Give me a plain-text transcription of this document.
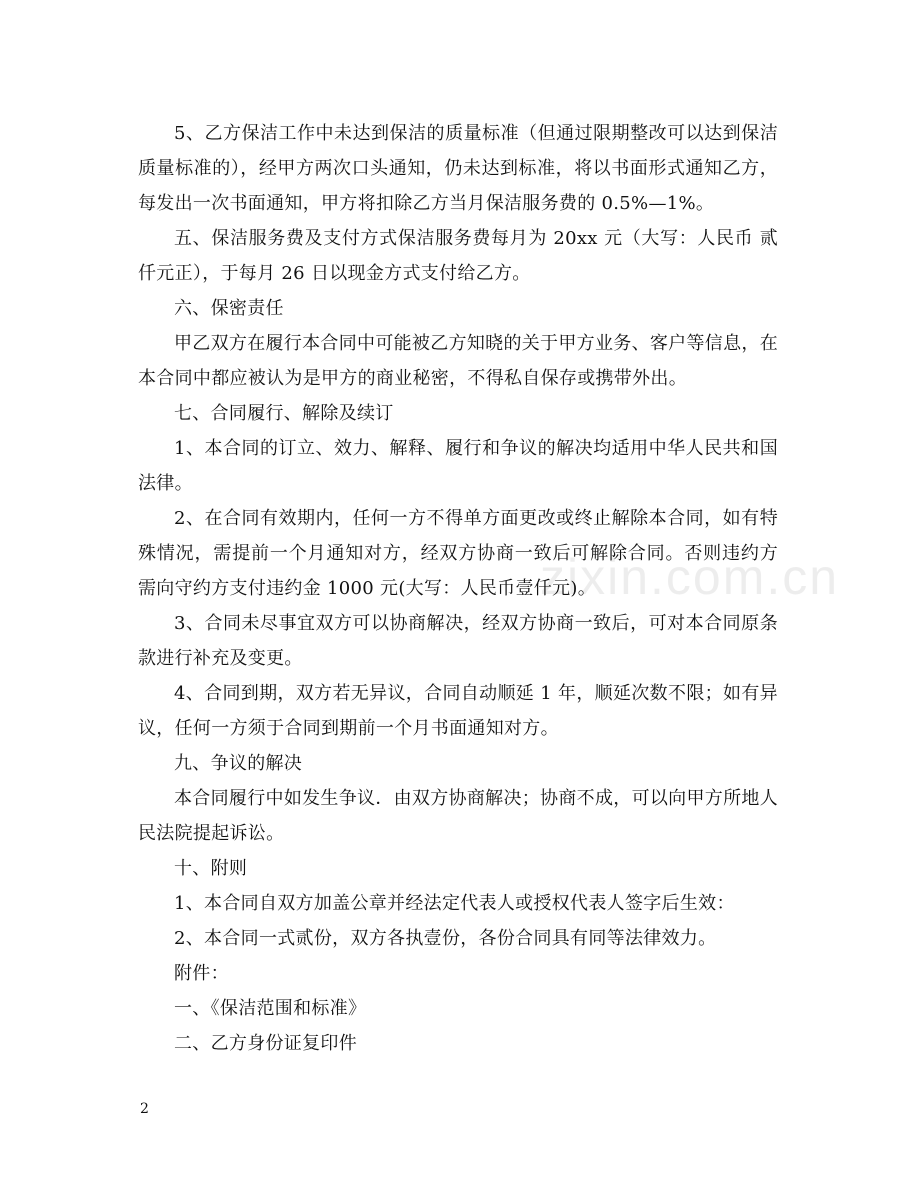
5、乙方保洁工作中未达到保洁的质量标准（但通过限期整改可以达到保洁质量标准的），经甲方两次口头通知，仍未达到标准，将以书面形式通知乙方，每发出一次书面通知，甲方将扣除乙方当月保洁服务费的 0.5%—1%。

五、保洁服务费及支付方式保洁服务费每月为 20xx 元（大写：人民币 贰仟元正），于每月 26 日以现金方式支付给乙方。

六、保密责任

甲乙双方在履行本合同中可能被乙方知晓的关于甲方业务、客户等信息，在本合同中都应被认为是甲方的商业秘密，不得私自保存或携带外出。

七、合同履行、解除及续订

1、本合同的订立、效力、解释、履行和争议的解决均适用中华人民共和国法律。

2、在合同有效期内，任何一方不得单方面更改或终止解除本合同，如有特殊情况，需提前一个月通知对方，经双方协商一致后可解除合同。否则违约方需向守约方支付违约金 1000 元(大写：人民币壹仟元)。

3、合同未尽事宜双方可以协商解决，经双方协商一致后，可对本合同原条款进行补充及变更。

4、合同到期，双方若无异议，合同自动顺延 1 年，顺延次数不限；如有异议，任何一方须于合同到期前一个月书面通知对方。

九、争议的解决

本合同履行中如发生争议．由双方协商解决；协商不成，可以向甲方所地人民法院提起诉讼。

十、附则

1、本合同自双方加盖公章并经法定代表人或授权代表人签字后生效：

2、本合同一式贰份，双方各执壹份，各份合同具有同等法律效力。

附件：

一、《保洁范围和标准》

二、乙方身份证复印件

zixin.com.cn
2
